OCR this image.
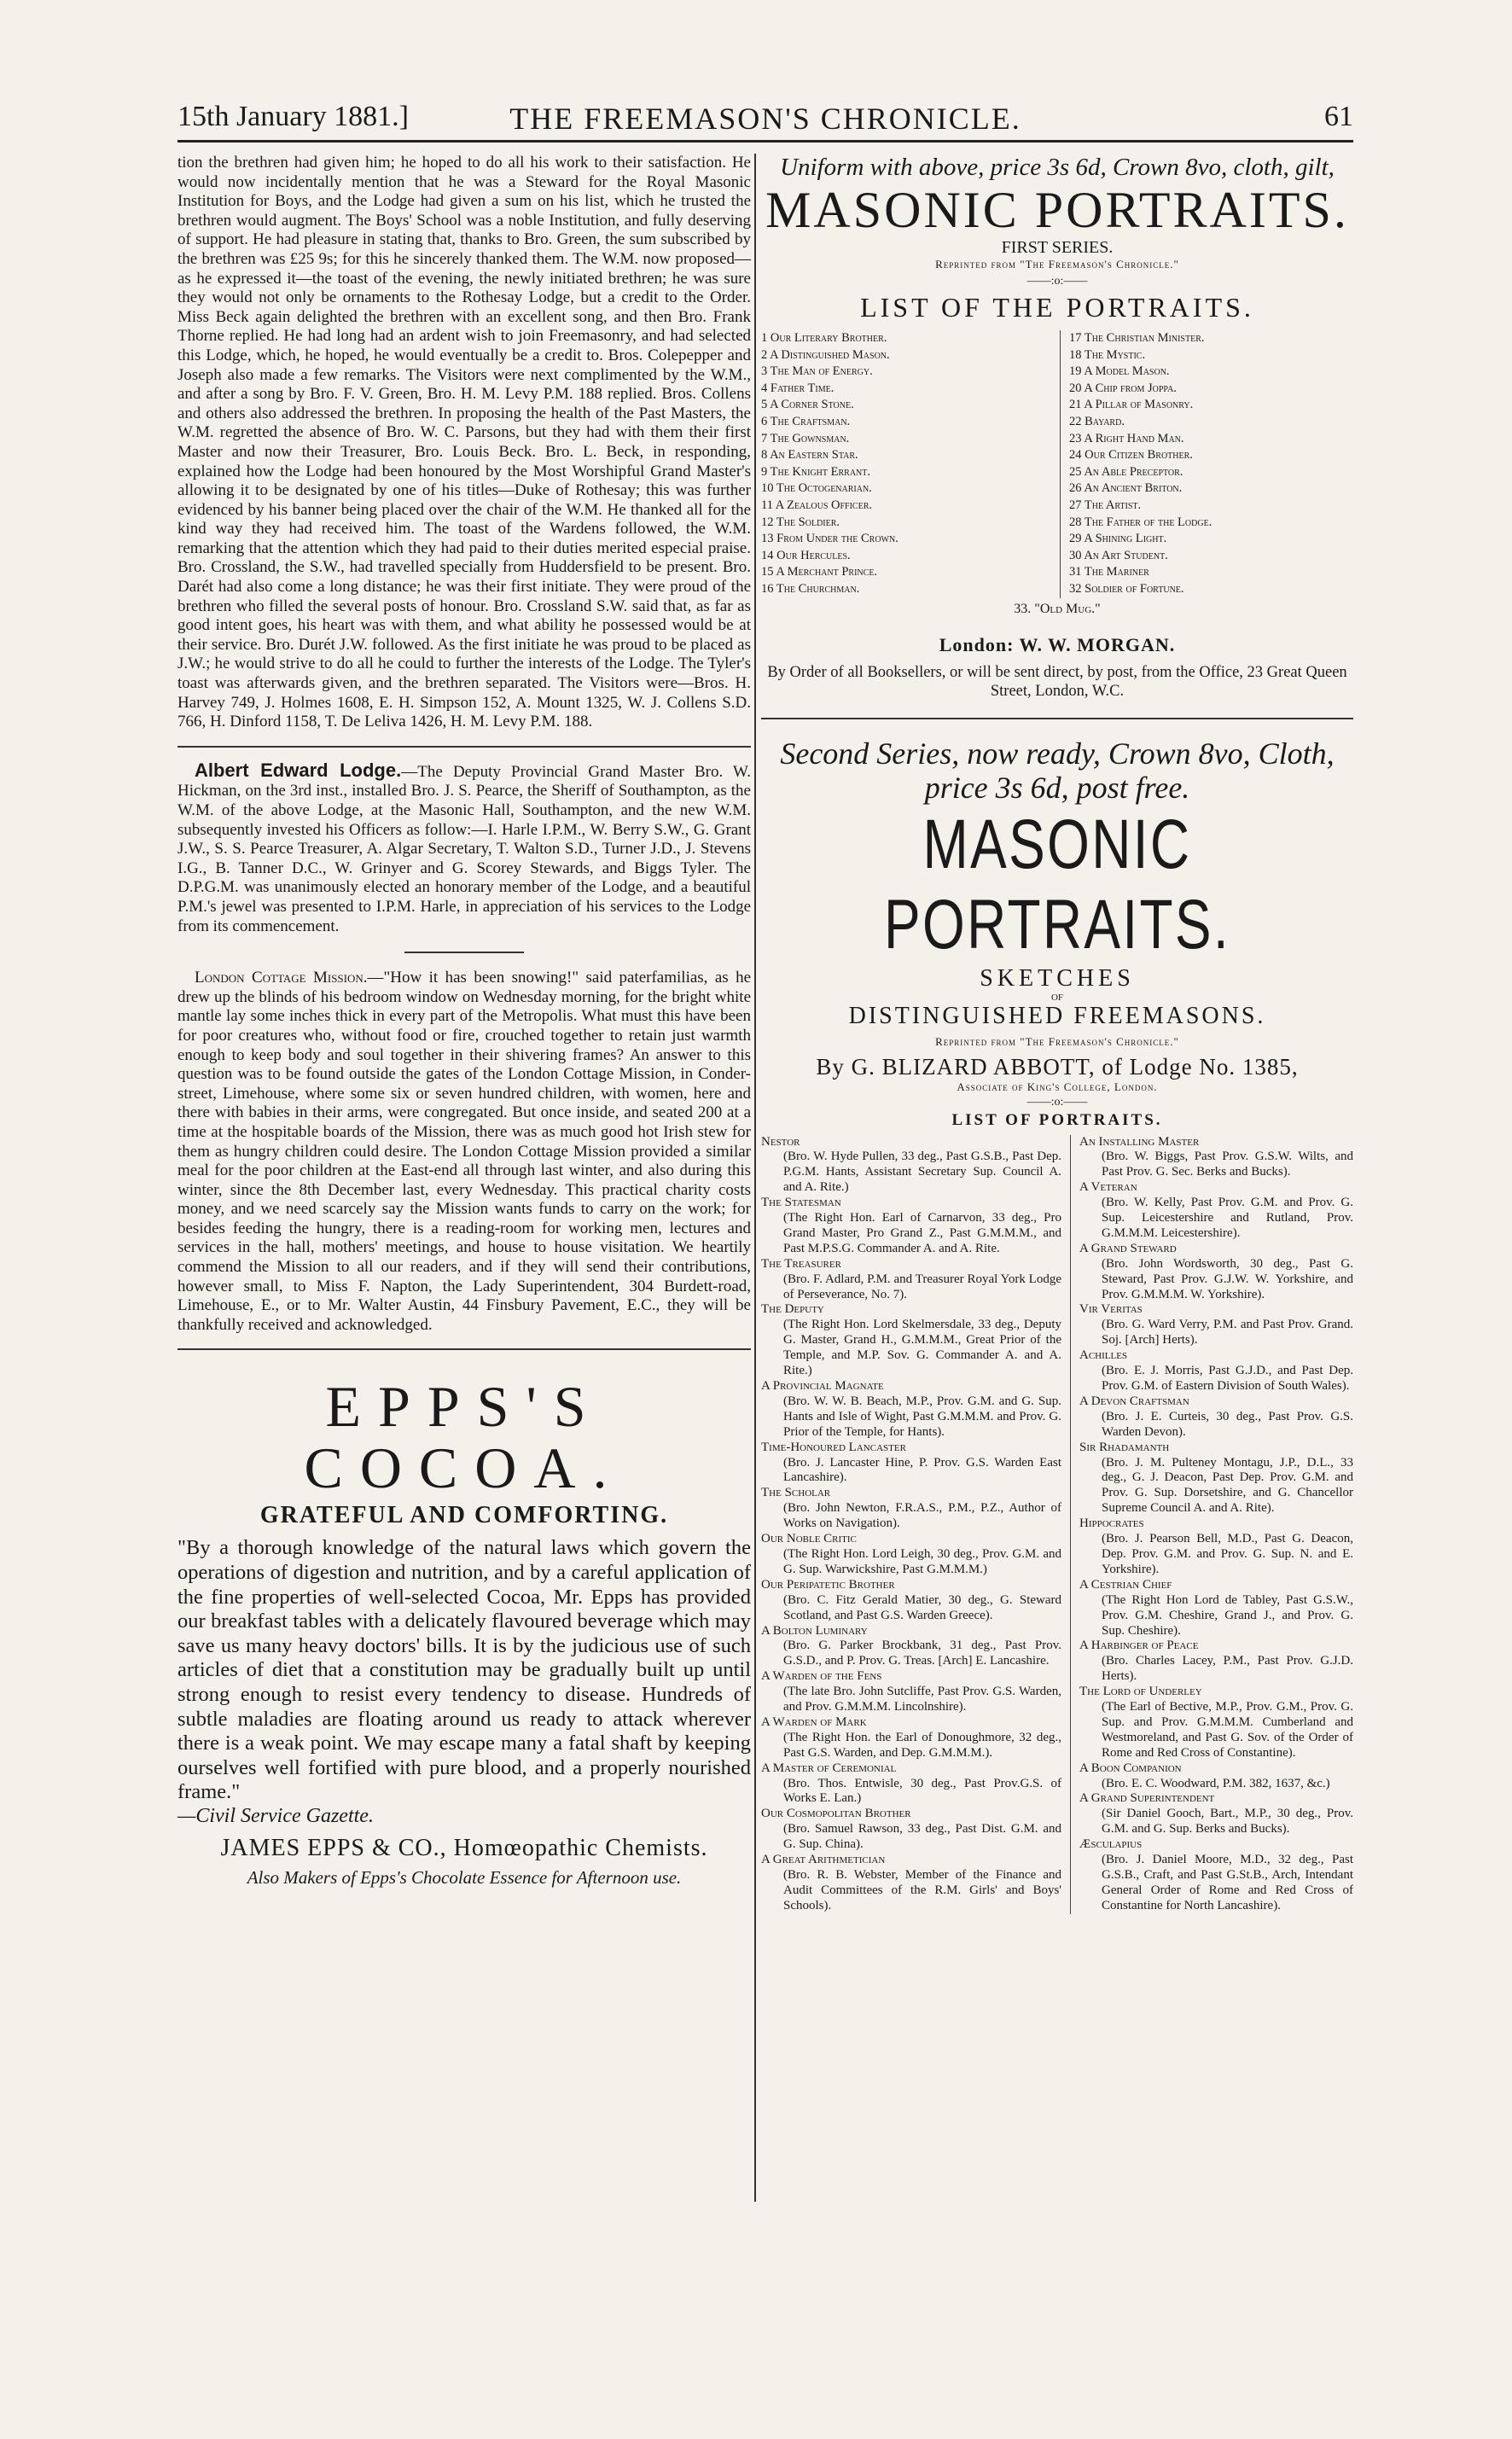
15th January 1881.]	THE FREEMASON'S CHRONICLE.	61

tion the brethren had given him; he hoped to do all his work to their satisfaction. He would now incidentally mention that he was a Steward for the Royal Masonic Institution for Boys, and the Lodge had given a sum on his list, which he trusted the brethren would augment. The Boys' School was a noble Institution, and fully deserving of support. He had pleasure in stating that, thanks to Bro. Green, the sum subscribed by the brethren was £25 9s; for this he sincerely thanked them. The W.M. now proposed—as he expressed it—the toast of the evening, the newly initiated brethren; he was sure they would not only be ornaments to the Rothesay Lodge, but a credit to the Order. Miss Beck again delighted the brethren with an excellent song, and then Bro. Frank Thorne replied. He had long had an ardent wish to join Freemasonry, and had selected this Lodge, which, he hoped, he would eventually be a credit to. Bros. Colepepper and Joseph also made a few remarks. The Visitors were next complimented by the W.M., and after a song by Bro. F. V. Green, Bro. H. M. Levy P.M. 188 replied. Bros. Collens and others also addressed the brethren. In proposing the health of the Past Masters, the W.M. regretted the absence of Bro. W. C. Parsons, but they had with them their first Master and now their Treasurer, Bro. Louis Beck. Bro. L. Beck, in responding, explained how the Lodge had been honoured by the Most Worshipful Grand Master's allowing it to be designated by one of his titles—Duke of Rothesay; this was further evidenced by his banner being placed over the chair of the W.M. He thanked all for the kind way they had received him. The toast of the Wardens followed, the W.M. remarking that the attention which they had paid to their duties merited especial praise. Bro. Crossland, the S.W., had travelled specially from Huddersfield to be present. Bro. Darét had also come a long distance; he was their first initiate. They were proud of the brethren who filled the several posts of honour. Bro. Crossland S.W. said that, as far as good intent goes, his heart was with them, and what ability he possessed would be at their service. Bro. Durét J.W. followed. As the first initiate he was proud to be placed as J.W.; he would strive to do all he could to further the interests of the Lodge. The Tyler's toast was afterwards given, and the brethren separated. The Visitors were—Bros. H. Harvey 749, J. Holmes 1608, E. H. Simpson 152, A. Mount 1325, W. J. Collens S.D. 766, H. Dinford 1158, T. De Leliva 1426, H. M. Levy P.M. 188.

Albert Edward Lodge.—The Deputy Provincial Grand Master Bro. W. Hickman, on the 3rd inst., installed Bro. J. S. Pearce, the Sheriff of Southampton, as the W.M. of the above Lodge, at the Masonic Hall, Southampton, and the new W.M. subsequently invested his Officers as follow:—I. Harle I.P.M., W. Berry S.W., G. Grant J.W., S. S. Pearce Treasurer, A. Algar Secretary, T. Walton S.D., Turner J.D., J. Stevens I.G., B. Tanner D.C., W. Grinyer and G. Scorey Stewards, and Biggs Tyler. The D.P.G.M. was unanimously elected an honorary member of the Lodge, and a beautiful P.M.'s jewel was presented to I.P.M. Harle, in appreciation of his services to the Lodge from its commencement.

London Cottage Mission.—"How it has been snowing!" said paterfamilias, as he drew up the blinds of his bedroom window on Wednesday morning, for the bright white mantle lay some inches thick in every part of the Metropolis. What must this have been for poor creatures who, without food or fire, crouched together to retain just warmth enough to keep body and soul together in their shivering frames? An answer to this question was to be found outside the gates of the London Cottage Mission, in Conder-street, Limehouse, where some six or seven hundred children, with women, here and there with babies in their arms, were congregated. But once inside, and seated 200 at a time at the hospitable boards of the Mission, there was as much good hot Irish stew for them as hungry children could desire. The London Cottage Mission provided a similar meal for the poor children at the East-end all through last winter, and also during this winter, since the 8th December last, every Wednesday. This practical charity costs money, and we need scarcely say the Mission wants funds to carry on the work; for besides feeding the hungry, there is a reading-room for working men, lectures and services in the hall, mothers' meetings, and house to house visitation. We heartily commend the Mission to all our readers, and if they will send their contributions, however small, to Miss F. Napton, the Lady Superintendent, 304 Burdett-road, Limehouse, E., or to Mr. Walter Austin, 44 Finsbury Pavement, E.C., they will be thankfully received and acknowledged.

EPPS'S COCOA.
GRATEFUL AND COMFORTING.

"By a thorough knowledge of the natural laws which govern the operations of digestion and nutrition, and by a careful application of the fine properties of well-selected Cocoa, Mr. Epps has provided our breakfast tables with a delicately flavoured beverage which may save us many heavy doctors' bills. It is by the judicious use of such articles of diet that a constitution may be gradually built up until strong enough to resist every tendency to disease. Hundreds of subtle maladies are floating around us ready to attack wherever there is a weak point. We may escape many a fatal shaft by keeping ourselves well fortified with pure blood, and a properly nourished frame."

—Civil Service Gazette.
JAMES EPPS & CO., Homœopathic Chemists.
Also Makers of Epps's Chocolate Essence for Afternoon use.
Uniform with above, price 3s 6d, Crown 8vo, cloth, gilt,
MASONIC PORTRAITS.
FIRST SERIES.
Reprinted from "The Freemason's Chronicle."
——:o:——
LIST OF THE PORTRAITS.
1 Our Literary Brother.
2 A Distinguished Mason.
3 The Man of Energy.
4 Father Time.
5 A Corner Stone.
6 The Craftsman.
7 The Gownsman.
8 An Eastern Star.
9 The Knight Errant.
10 The Octogenarian.
11 A Zealous Officer.
12 The Soldier.
13 From Under the Crown.
14 Our Hercules.
15 A Merchant Prince.
16 The Churchman.
17 The Christian Minister.
18 The Mystic.
19 A Model Mason.
20 A Chip from Joppa.
21 A Pillar of Masonry.
22 Bayard.
23 A Right Hand Man.
24 Our Citizen Brother.
25 An Able Preceptor.
26 An Ancient Briton.
27 The Artist.
28 The Father of the Lodge.
29 A Shining Light.
30 An Art Student.
31 The Mariner
32 Soldier of Fortune.
33. "Old Mug."
London: W. W. MORGAN.

By Order of all Booksellers, or will be sent direct, by post, from the Office, 23 Great Queen Street, London, W.C.

Second Series, now ready, Crown 8vo, Cloth,
price 3s 6d, post free.
MASONIC PORTRAITS.
SKETCHES
OF
DISTINGUISHED FREEMASONS.
Reprinted from "The Freemason's Chronicle."
By G. BLIZARD ABBOTT, of Lodge No. 1385,
Associate of King's College, London.
——:o:——
LIST OF PORTRAITS.
Nestor
(Bro. W. Hyde Pullen, 33 deg., Past G.S.B., Past Dep. P.G.M. Hants, Assistant Secretary Sup. Council A. and A. Rite.)
The Statesman
(The Right Hon. Earl of Carnarvon, 33 deg., Pro Grand Master, Pro Grand Z., Past G.M.M.M., and Past M.P.S.G. Commander A. and A. Rite.
The Treasurer
(Bro. F. Adlard, P.M. and Treasurer Royal York Lodge of Perseverance, No. 7).
The Deputy
(The Right Hon. Lord Skelmersdale, 33 deg., Deputy G. Master, Grand H., G.M.M.M., Great Prior of the Temple, and M.P. Sov. G. Commander A. and A. Rite.)
A Provincial Magnate
(Bro. W. W. B. Beach, M.P., Prov. G.M. and G. Sup. Hants and Isle of Wight, Past G.M.M.M. and Prov. G. Prior of the Temple, for Hants).
Time-Honoured Lancaster
(Bro. J. Lancaster Hine, P. Prov. G.S. Warden East Lancashire).
The Scholar
(Bro. John Newton, F.R.A.S., P.M., P.Z., Author of Works on Navigation).
Our Noble Critic
(The Right Hon. Lord Leigh, 30 deg., Prov. G.M. and G. Sup. Warwickshire, Past G.M.M.M.)
Our Peripatetic Brother
(Bro. C. Fitz Gerald Matier, 30 deg., G. Steward Scotland, and Past G.S. Warden Greece).
A Bolton Luminary
(Bro. G. Parker Brockbank, 31 deg., Past Prov. G.S.D., and P. Prov. G. Treas. [Arch] E. Lancashire.
A Warden of the Fens
(The late Bro. John Sutcliffe, Past Prov. G.S. Warden, and Prov. G.M.M.M. Lincolnshire).
A Warden of Mark
(The Right Hon. the Earl of Donoughmore, 32 deg., Past G.S. Warden, and Dep. G.M.M.M.).
A Master of Ceremonial
(Bro. Thos. Entwisle, 30 deg., Past Prov.G.S. of Works E. Lan.)
Our Cosmopolitan Brother
(Bro. Samuel Rawson, 33 deg., Past Dist. G.M. and G. Sup. China).
A Great Arithmetician
(Bro. R. B. Webster, Member of the Finance and Audit Committees of the R.M. Girls' and Boys' Schools).
An Installing Master
(Bro. W. Biggs, Past Prov. G.S.W. Wilts, and Past Prov. G. Sec. Berks and Bucks).
A Veteran
(Bro. W. Kelly, Past Prov. G.M. and Prov. G. Sup. Leicestershire and Rutland, Prov. G.M.M.M. Leicestershire).
A Grand Steward
(Bro. John Wordsworth, 30 deg., Past G. Steward, Past Prov. G.J.W. W. Yorkshire, and Prov. G.M.M.M. W. Yorkshire).
Vir Veritas
(Bro. G. Ward Verry, P.M. and Past Prov. Grand. Soj. [Arch] Herts).
Achilles
(Bro. E. J. Morris, Past G.J.D., and Past Dep. Prov. G.M. of Eastern Division of South Wales).
A Devon Craftsman
(Bro. J. E. Curteis, 30 deg., Past Prov. G.S. Warden Devon).
Sir Rhadamanth
(Bro. J. M. Pulteney Montagu, J.P., D.L., 33 deg., G. J. Deacon, Past Dep. Prov. G.M. and Prov. G. Sup. Dorsetshire, and G. Chancellor Supreme Council A. and A. Rite).
Hippocrates
(Bro. J. Pearson Bell, M.D., Past G. Deacon, Dep. Prov. G.M. and Prov. G. Sup. N. and E. Yorkshire).
A Cestrian Chief
(The Right Hon Lord de Tabley, Past G.S.W., Prov. G.M. Cheshire, Grand J., and Prov. G. Sup. Cheshire).
A Harbinger of Peace
(Bro. Charles Lacey, P.M., Past Prov. G.J.D. Herts).
The Lord of Underley
(The Earl of Bective, M.P., Prov. G.M., Prov. G. Sup. and Prov. G.M.M.M. Cumberland and Westmoreland, and Past G. Sov. of the Order of Rome and Red Cross of Constantine).
A Boon Companion
(Bro. E. C. Woodward, P.M. 382, 1637, &c.)
A Grand Superintendent
(Sir Daniel Gooch, Bart., M.P., 30 deg., Prov. G.M. and G. Sup. Berks and Bucks).
Æsculapius
(Bro. J. Daniel Moore, M.D., 32 deg., Past G.S.B., Craft, and Past G.St.B., Arch, Intendant General Order of Rome and Red Cross of Constantine for North Lancashire).
